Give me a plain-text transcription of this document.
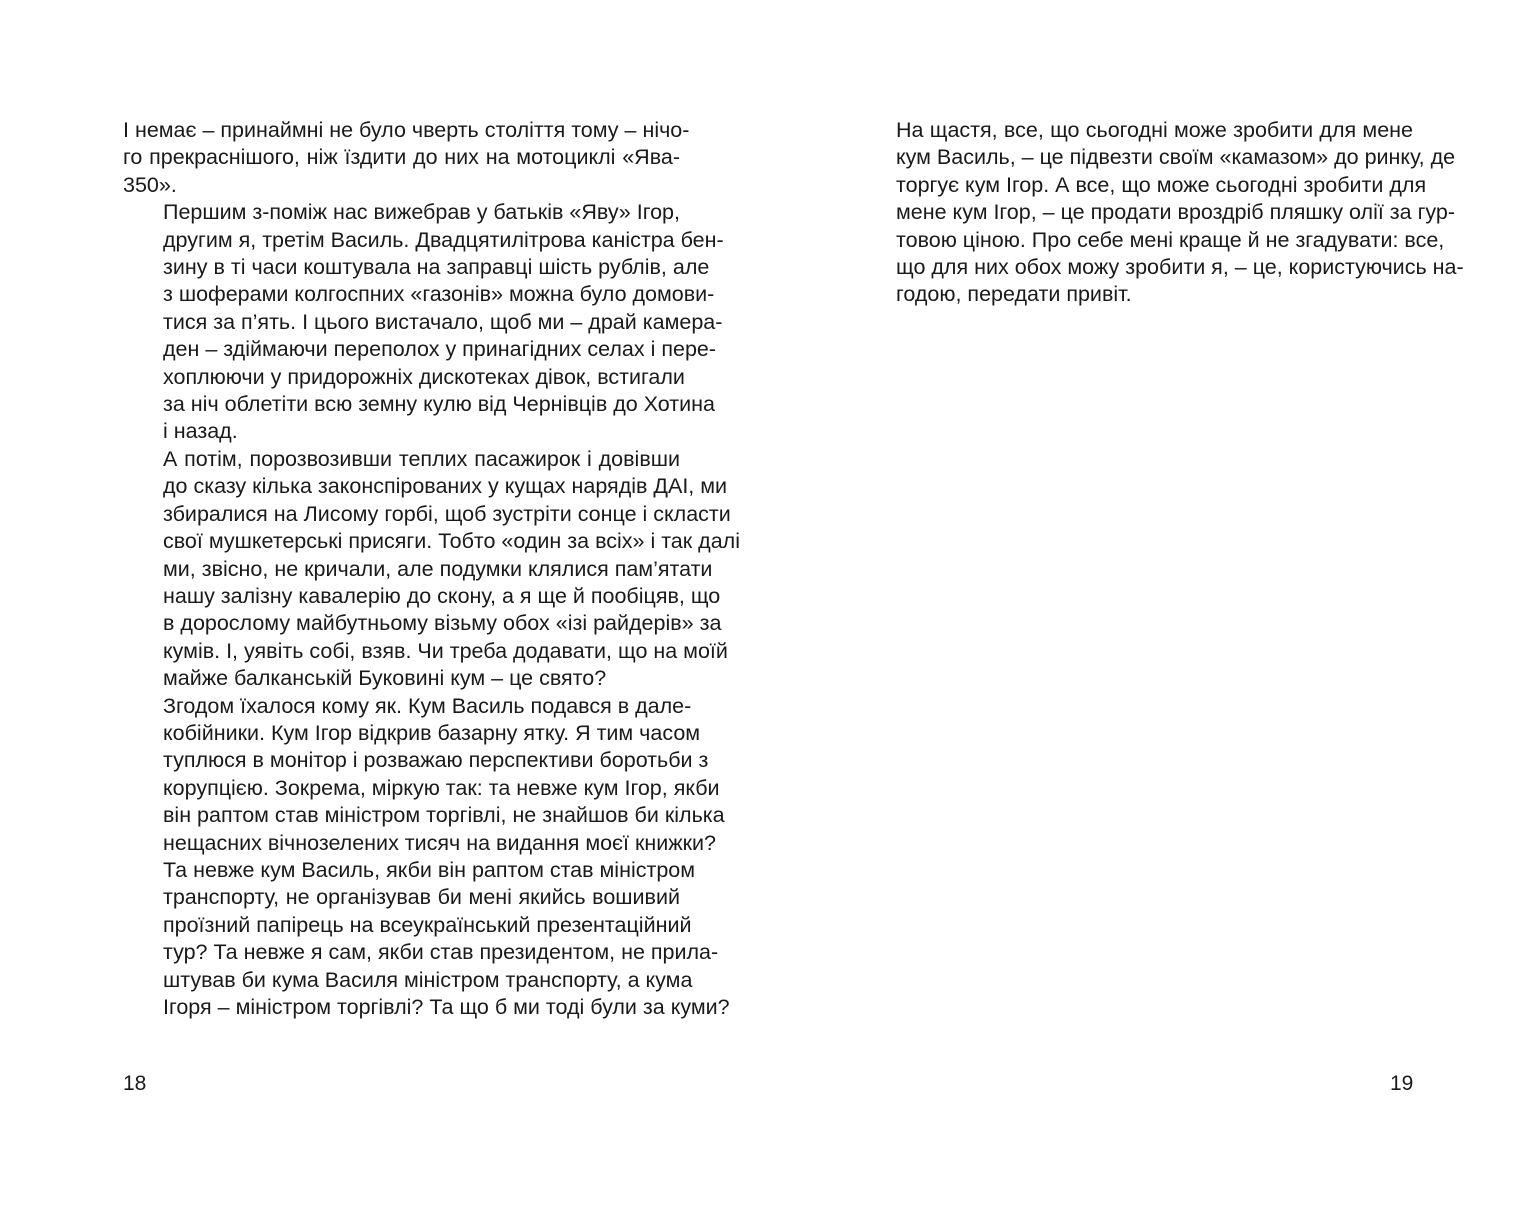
І немає – принаймні не було чверть століття тому – нічо-
го прекраснішого, ніж їздити до них на мотоциклі «Ява-
350».

Першим з-поміж нас вижебрав у батьків «Яву» Ігор,
другим я, третім Василь. Двадцятилітрова каністра бен-
зину в ті часи коштувала на заправці шість рублів, але
з шоферами колгоспних «газонів» можна було домови-
тися за п’ять. І цього вистачало, щоб ми – драй камера-
ден – здіймаючи переполох у принагідних селах і пере-
хоплюючи у придорожніх дискотеках дівок, встигали
за ніч облетіти всю земну кулю від Чернівців до Хотина
і назад.

А потім, порозвозивши теплих пасажирок і довівши
до сказу кілька законспірованих у кущах нарядів ДАІ, ми
збиралися на Лисому горбі, щоб зустріти сонце і скласти
свої мушкетерські присяги. Тобто «один за всіх» і так далі
ми, звісно, не кричали, але подумки клялися пам’ятати
нашу залізну кавалерію до скону, а я ще й пообіцяв, що
в дорослому майбутньому візьму обох «ізі райдерів» за
кумів. І, уявіть собі, взяв. Чи треба додавати, що на моїй
майже балканській Буковині кум – це свято?

Згодом їхалося кому як. Кум Василь подався в дале-
кобійники. Кум Ігор відкрив базарну ятку. Я тим часом
туплюся в монітор і розважаю перспективи боротьби з
корупцією. Зокрема, міркую так: та невже кум Ігор, якби
він раптом став міністром торгівлі, не знайшов би кілька
нещасних вічнозелених тисяч на видання моєї книжки?
Та невже кум Василь, якби він раптом став міністром
транспорту, не організував би мені якийсь вошивий
проїзний папірець на всеукраїнський презентаційний
тур? Та невже я сам, якби став президентом, не прила-
штував би кума Василя міністром транспорту, а кума
Ігоря – міністром торгівлі? Та що б ми тоді були за куми?

18

На щастя, все, що сьогодні може зробити для мене
кум Василь, – це підвезти своїм «камазом» до ринку, де
торгує кум Ігор. А все, що може сьогодні зробити для
мене кум Ігор, – це продати вроздріб пляшку олії за гур-
товою ціною. Про себе мені краще й не згадувати: все,
що для них обох можу зробити я, – це, користуючись на-
годою, передати привіт.

19
